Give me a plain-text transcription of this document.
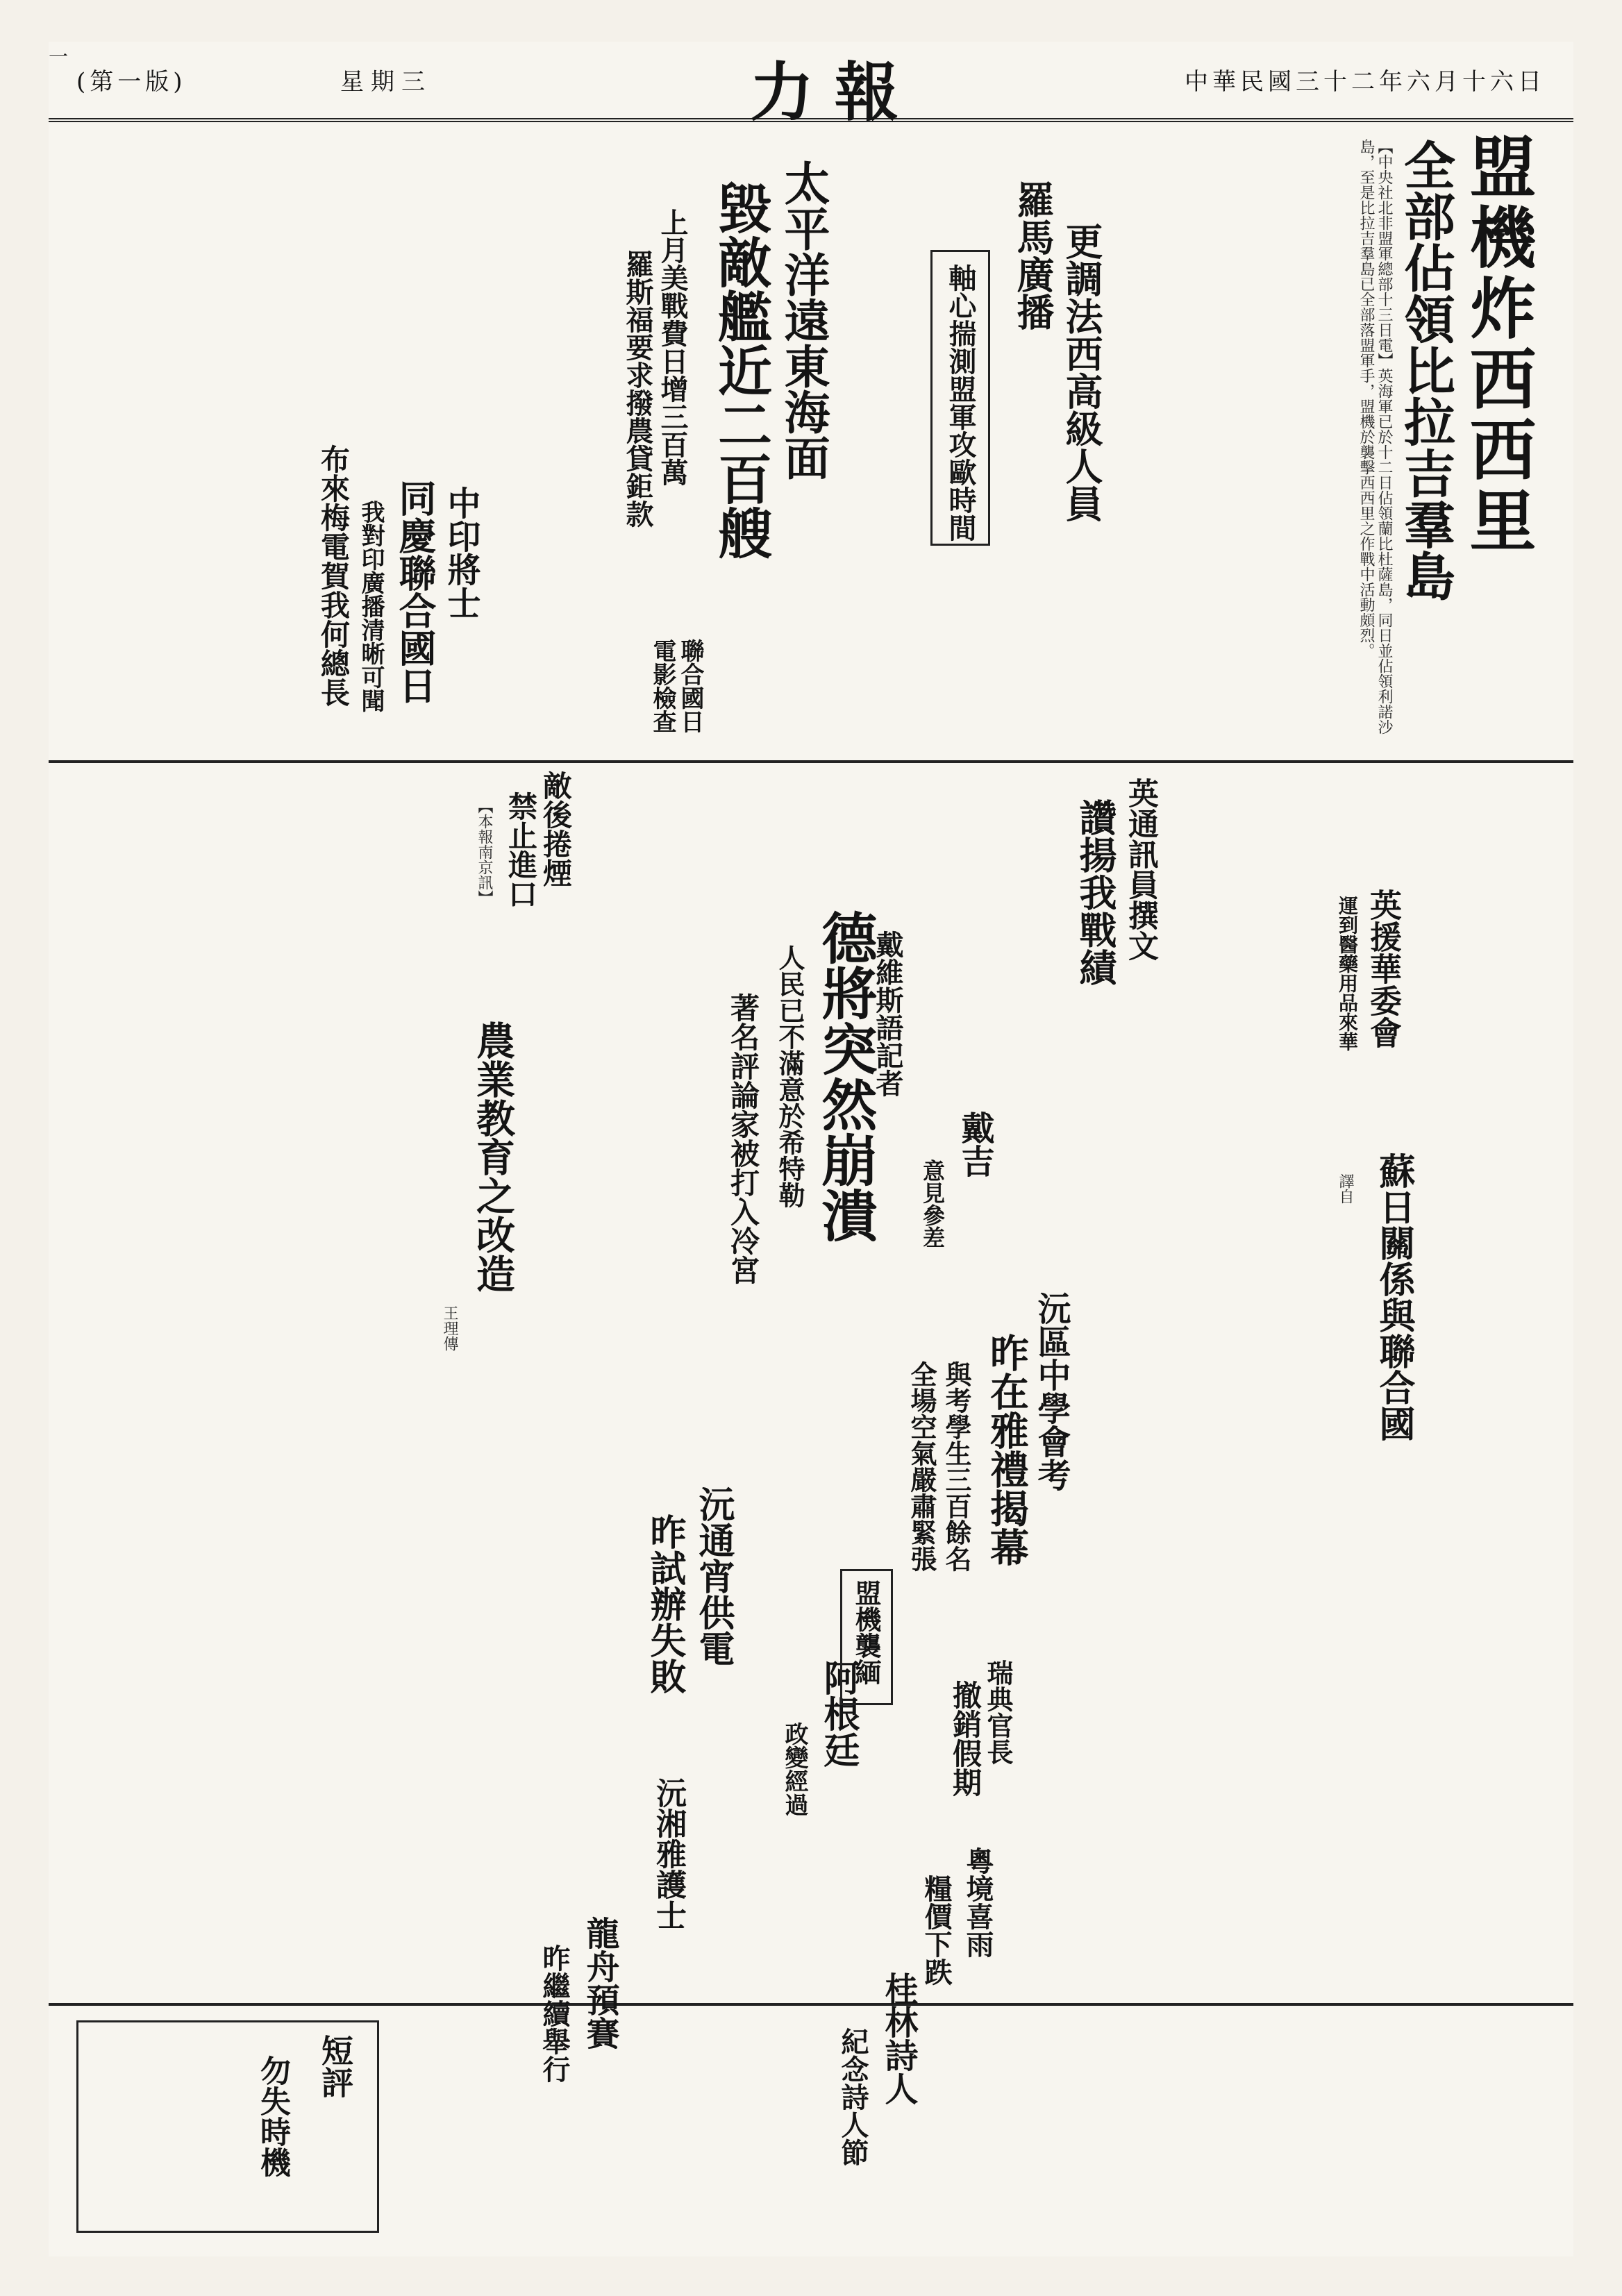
一
(第一版)	星期三	力報	中華民國三十二年六月十六日
盟機炸西西里
全部佔領比拉吉羣島
【中央社北非盟軍總部十三日電】英海軍已於十二日佔領蘭比杜薩島，同日並佔領利諾沙島，至是比拉吉羣島已全部落盟軍手，盟機於襲擊西西里之作戰中活動頗烈。
軸心揣測盟軍攻歐時間
羅馬廣播 更調法西高級人員
太平洋遠東海面
毀敵艦近二百艘
上月美戰費日增三百萬
羅斯福要求撥農貸鉅款
中印將士
同慶聯合國日
我對印廣播清晰可聞
布來梅電賀我何總長	聯合國日
電影檢查
敵後捲煙
禁止進口
【本報南京訊】	英通訊員撰文
讚揚我戰績	英援華委會
運到醫藥用品來華
戴維斯語記者
德將突然崩潰
人民已不滿意於希特勒
著名評論家被打入冷宮	戴吉
意見參差	蘇日關係與聯合國
譯自
沅區中學會考
昨在雅禮揭幕
與考學生三百餘名
全場空氣嚴肅緊張
農業教育之改造
王理傳
沅通宵供電
昨試辦失敗
阿根廷
政變經過
盟機襲緬
瑞典官長
撤銷假期
粵境喜雨
糧價下跌
桂林詩人
紀念詩人節
龍舟預賽
昨繼續舉行
沅湘雅護士
短評
勿失時機
